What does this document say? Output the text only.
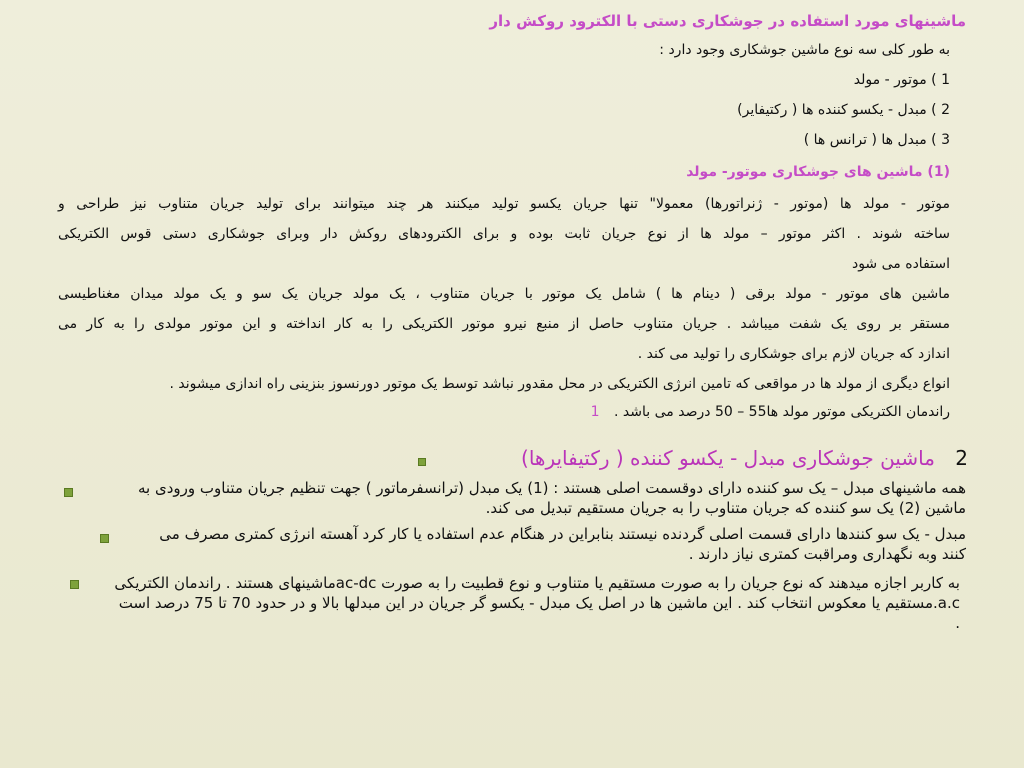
ماشینهای مورد استفاده در جوشکاری دستی با الکترود روکش دار
به طور کلی سه نوع ماشین جوشکاری وجود دارد :
1 ) موتور - مولد
2 ) مبدل - یکسو کننده ها ( رکتیفایر)
3 ) مبدل ها ( ترانس ها )
(1) ماشین های جوشکاری موتور- مولد
موتور - مولد ها (موتور - ژنراتورها) معمولا" تنها جریان یکسو تولید میکنند هر چند میتوانند برای تولید جریان متناوب نیز طراحی و
ساخته شوند . اکثر موتور – مولد ها از نوع جریان ثابت بوده و برای الکترودهای روکش دار وبرای جوشکاری دستی قوس الکتریکی
استفاده می شود
ماشین های موتور - مولد برقی ( دینام ها ) شامل یک موتور با جریان متناوب ، یک مولد جریان یک سو و یک مولد میدان مغناطیسی
مستقر بر روی یک شفت میباشد . جریان متناوب حاصل از منبع نیرو موتور الکتریکی را به کار انداخته و این موتور مولدی را به کار می
اندازد که جریان لازم برای جوشکاری را تولید می کند .
انواع دیگری از مولد ها در مواقعی که تامین انرژی الکتریکی در محل مقدور نباشد توسط یک موتور دورنسوز بنزینی راه اندازی میشوند .
راندمان الکتریکی موتور مولد ها55 – 50 درصد می باشد . 1
2 ماشین جوشکاری مبدل - یکسو کننده ( رکتیفایرها)
همه ماشینهای مبدل – یک سو کننده دارای دوقسمت اصلی هستند : (1) یک مبدل (ترانسفرماتور ) جهت تنظیم جریان متناوب ورودی به ماشین (2) یک سو کننده که جریان متناوب را به جریان مستقیم تبدیل می کند.
مبدل - یک سو کنندها دارای قسمت اصلی گردنده نیستند بنابراین در هنگام عدم استفاده یا کار کرد آهسته انرژی کمتری مصرف می کنند وبه نگهداری ومراقبت کمتری نیاز دارند .
به کاربر اجازه میدهند که نوع جریان را به صورت مستقیم یا متناوب و نوع قطبیت را به صورت ac-dcماشینهای هستند . راندمان الکتریکی a.c.مستقیم یا معکوس انتخاب کند . این ماشین ها در اصل یک مبدل - یکسو گر جریان در این مبدلها بالا و در حدود 70 تا 75 درصد است .
